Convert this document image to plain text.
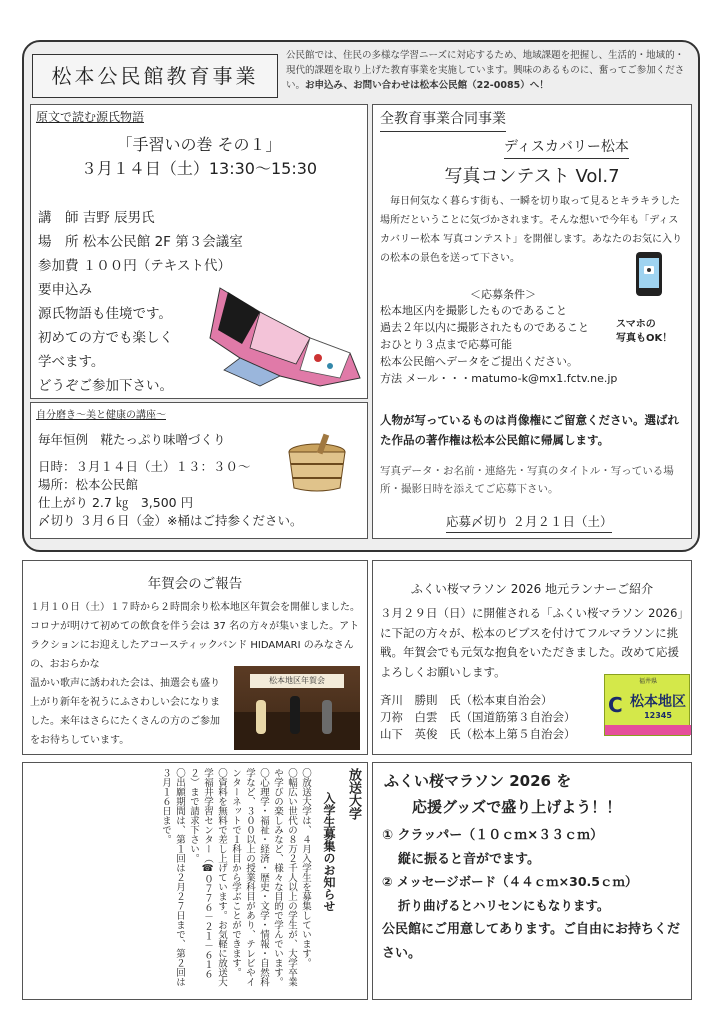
松本公民館教育事業
公民館では、住民の多様な学習ニーズに対応するため、地域課題を把握し、生活的・地域的・現代的課題を取り上げた教育事業を実施しています。興味のあるものに、奮ってご参加ください。お申込み、お問い合わせは松本公民館（22-0085）へ！
原文で読む源氏物語
「手習いの巻 その１」
３月１４日（土）13:30～15:30
講　師 吉野 辰男氏
場　所 松本公民館 2F 第３会議室
参加費 １００円（テキスト代）
要申込み
源氏物語も佳境です。
初めての方でも楽しく
学べます。
どうぞご参加下さい。
自分磨き～美と健康の講座～
毎年恒例　糀たっぷり味噌づくり
日時：３月１４日（土）１３：３０～
場所：松本公民館
仕上がり 2.7 ㎏　3,500 円
〆切り ３月６日（金）※桶はご持参ください。
全教育事業合同事業
ディスカバリー松本
写真コンテスト Vol.7
毎日何気なく暮らす街も、一瞬を切り取って見るとキラキラした場所だということに気づかされます。そんな想いで今年も「ディスカバリー松本 写真コンテスト」を開催します。あなたのお気に入りの松本の景色を送って下さい。
＜応募条件＞
松本地区内を撮影したものであること
過去２年以内に撮影されたものであること
おひとり３点まで応募可能
松本公民館へデータをご提出ください。
方法 メール・・・matumo-k@mx1.fctv.ne.jp
スマホの
写真もOK！
人物が写っているものは肖像権にご留意ください。選ばれた作品の著作権は松本公民館に帰属します。
写真データ・お名前・連絡先・写真のタイトル・写っている場所・撮影日時を添えてご応募下さい。
応募〆切り ２月２１日（土）
年賀会のご報告
１月１０日（土）１７時から２時間余り松本地区年賀会を開催しました。コロナが明けて初めての飲食を伴う会は 37 名の方々が集いました。アトラクションにお迎えしたアコースティックバンド HIDAMARI のみなさんの、おおらかな
温かい歌声に誘われた会は、抽選会も盛り上がり新年を祝うにふさわしい会になりました。来年はさらにたくさんの方のご参加をお待ちしています。
松本地区年賀会
ふくい桜マラソン 2026 地元ランナーご紹介
３月２９日（日）に開催される「ふくい桜マラソン 2026」に下記の方々が、松本のビブスを付けてフルマラソンに挑戦。年賀会でも元気な抱負をいただきました。改めて応援よろしくお願いします。
斉川　勝則　氏（松本東自治会）
刀祢　白雲　氏（国道筋第３自治会）
山下　英俊　氏（松本上第５自治会）
福井県
C 松本地区
12345
放送大学
入学生募集のお知らせ
〇放送大学は、４月入学生を募集しています。
〇幅広い世代の８万２千人以上の学生が、大学卒業や学びの楽しみなど、様々な目的で学んでいます。
〇心理学・福祉・経済・歴史・文学・情報・自然科学など、３００以上の授業科目があり、テレビやインターネットで１科目から学ぶことができます。
〇資料を無料で差し上げています。お気軽に放送大学福井学習センター（☎０７７６－２１－６１６２）まで請求下さい。
〇出願期間は、第１回は２月２７日まで、第２回は３月１６日まで。	ふくい桜マラソン 2026 を
応援グッズで盛り上げよう！！
① クラッパー（１０ｃｍ×３３ｃｍ）
縦に振ると音がでます。
② メッセージボード（４４ｃｍ×30.5ｃｍ）
折り曲げるとハリセンにもなります。
公民館にご用意してあります。ご自由にお持ちください。
